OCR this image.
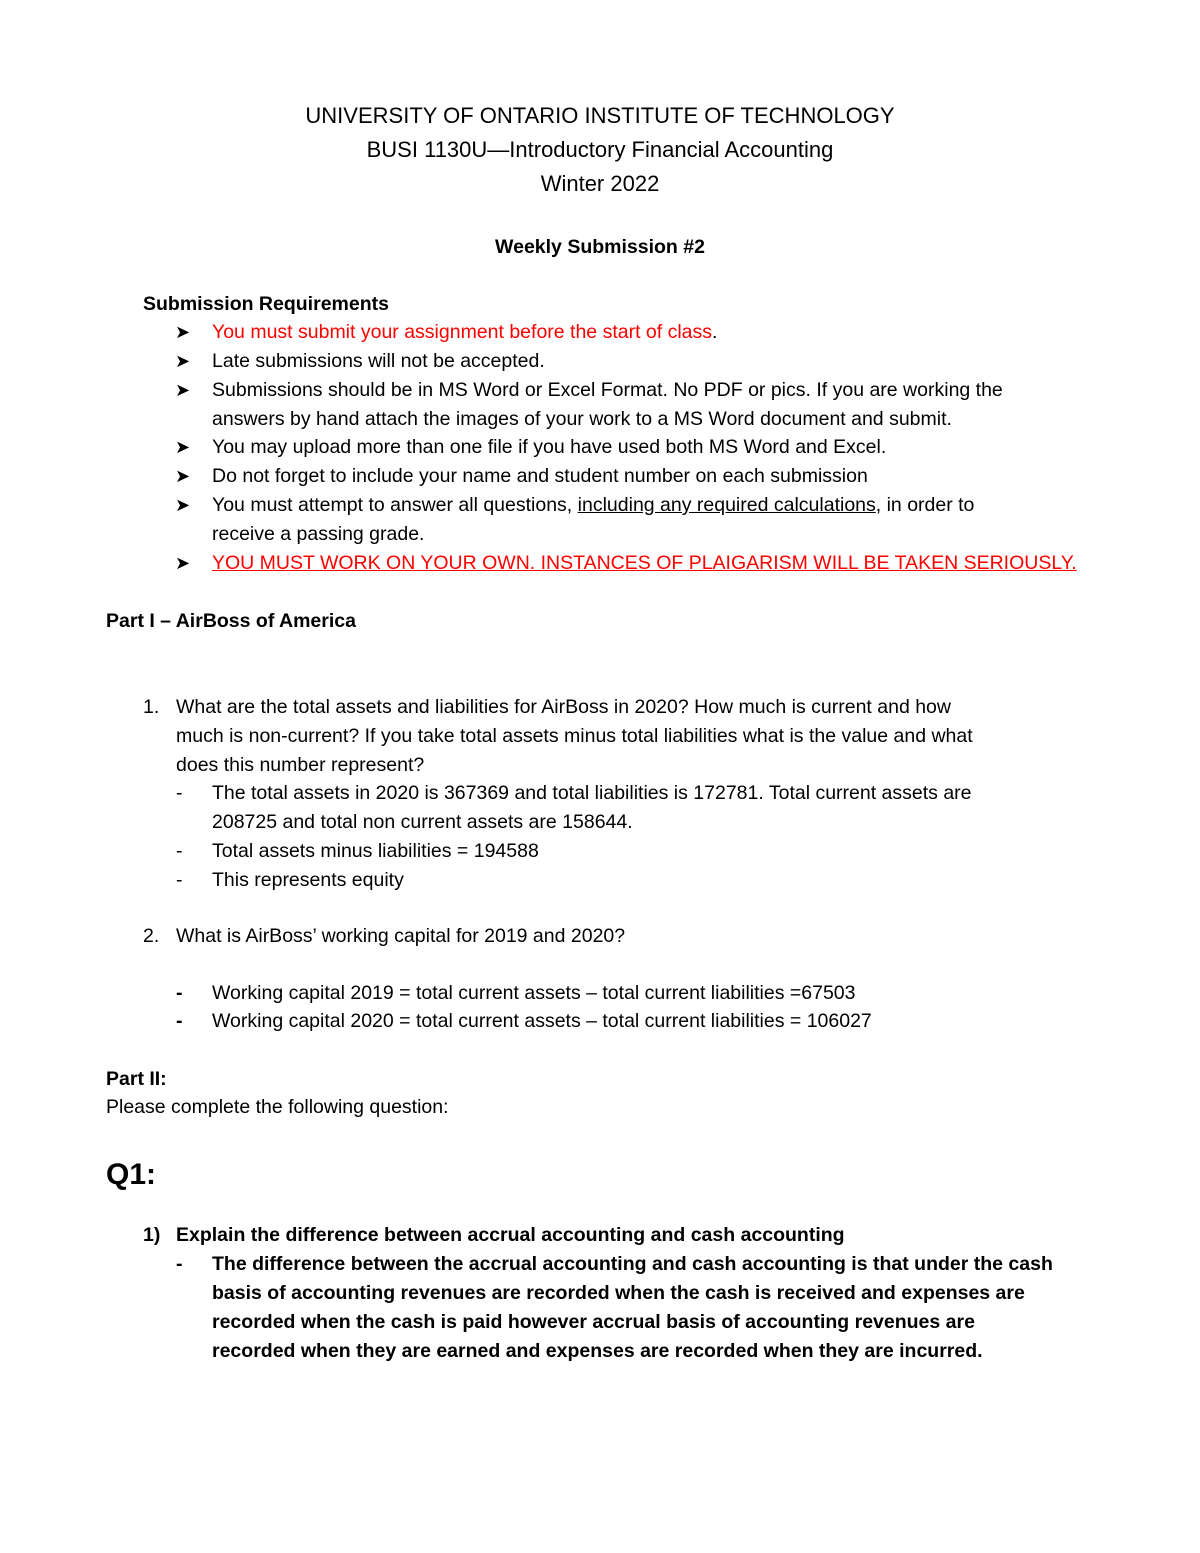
UNIVERSITY OF ONTARIO INSTITUTE OF TECHNOLOGY
BUSI 1130U—Introductory Financial Accounting
Winter 2022
Weekly Submission #2
Submission Requirements
➤ You must submit your assignment before the start of class.
➤ Late submissions will not be accepted.
➤ Submissions should be in MS Word or Excel Format. No PDF or pics. If you are working the
answers by hand attach the images of your work to a MS Word document and submit.
➤ You may upload more than one file if you have used both MS Word and Excel.
➤ Do not forget to include your name and student number on each submission
➤ You must attempt to answer all questions, including any required calculations, in order to
receive a passing grade.
➤ YOU MUST WORK ON YOUR OWN. INSTANCES OF PLAIGARISM WILL BE TAKEN SERIOUSLY.
Part I – AirBoss of America
1. What are the total assets and liabilities for AirBoss in 2020? How much is current and how
much is non-current? If you take total assets minus total liabilities what is the value and what
does this number represent?
- The total assets in 2020 is 367369 and total liabilities is 172781. Total current assets are
208725 and total non current assets are 158644.
- Total assets minus liabilities = 194588
- This represents equity
2. What is AirBoss’ working capital for 2019 and 2020?
- Working capital 2019 = total current assets – total current liabilities =67503
- Working capital 2020 = total current assets – total current liabilities = 106027
Part II:
Please complete the following question:
Q1:
1) Explain the difference between accrual accounting and cash accounting
- The difference between the accrual accounting and cash accounting is that under the cash
basis of accounting revenues are recorded when the cash is received and expenses are
recorded when the cash is paid however accrual basis of accounting revenues are
recorded when they are earned and expenses are recorded when they are incurred.
